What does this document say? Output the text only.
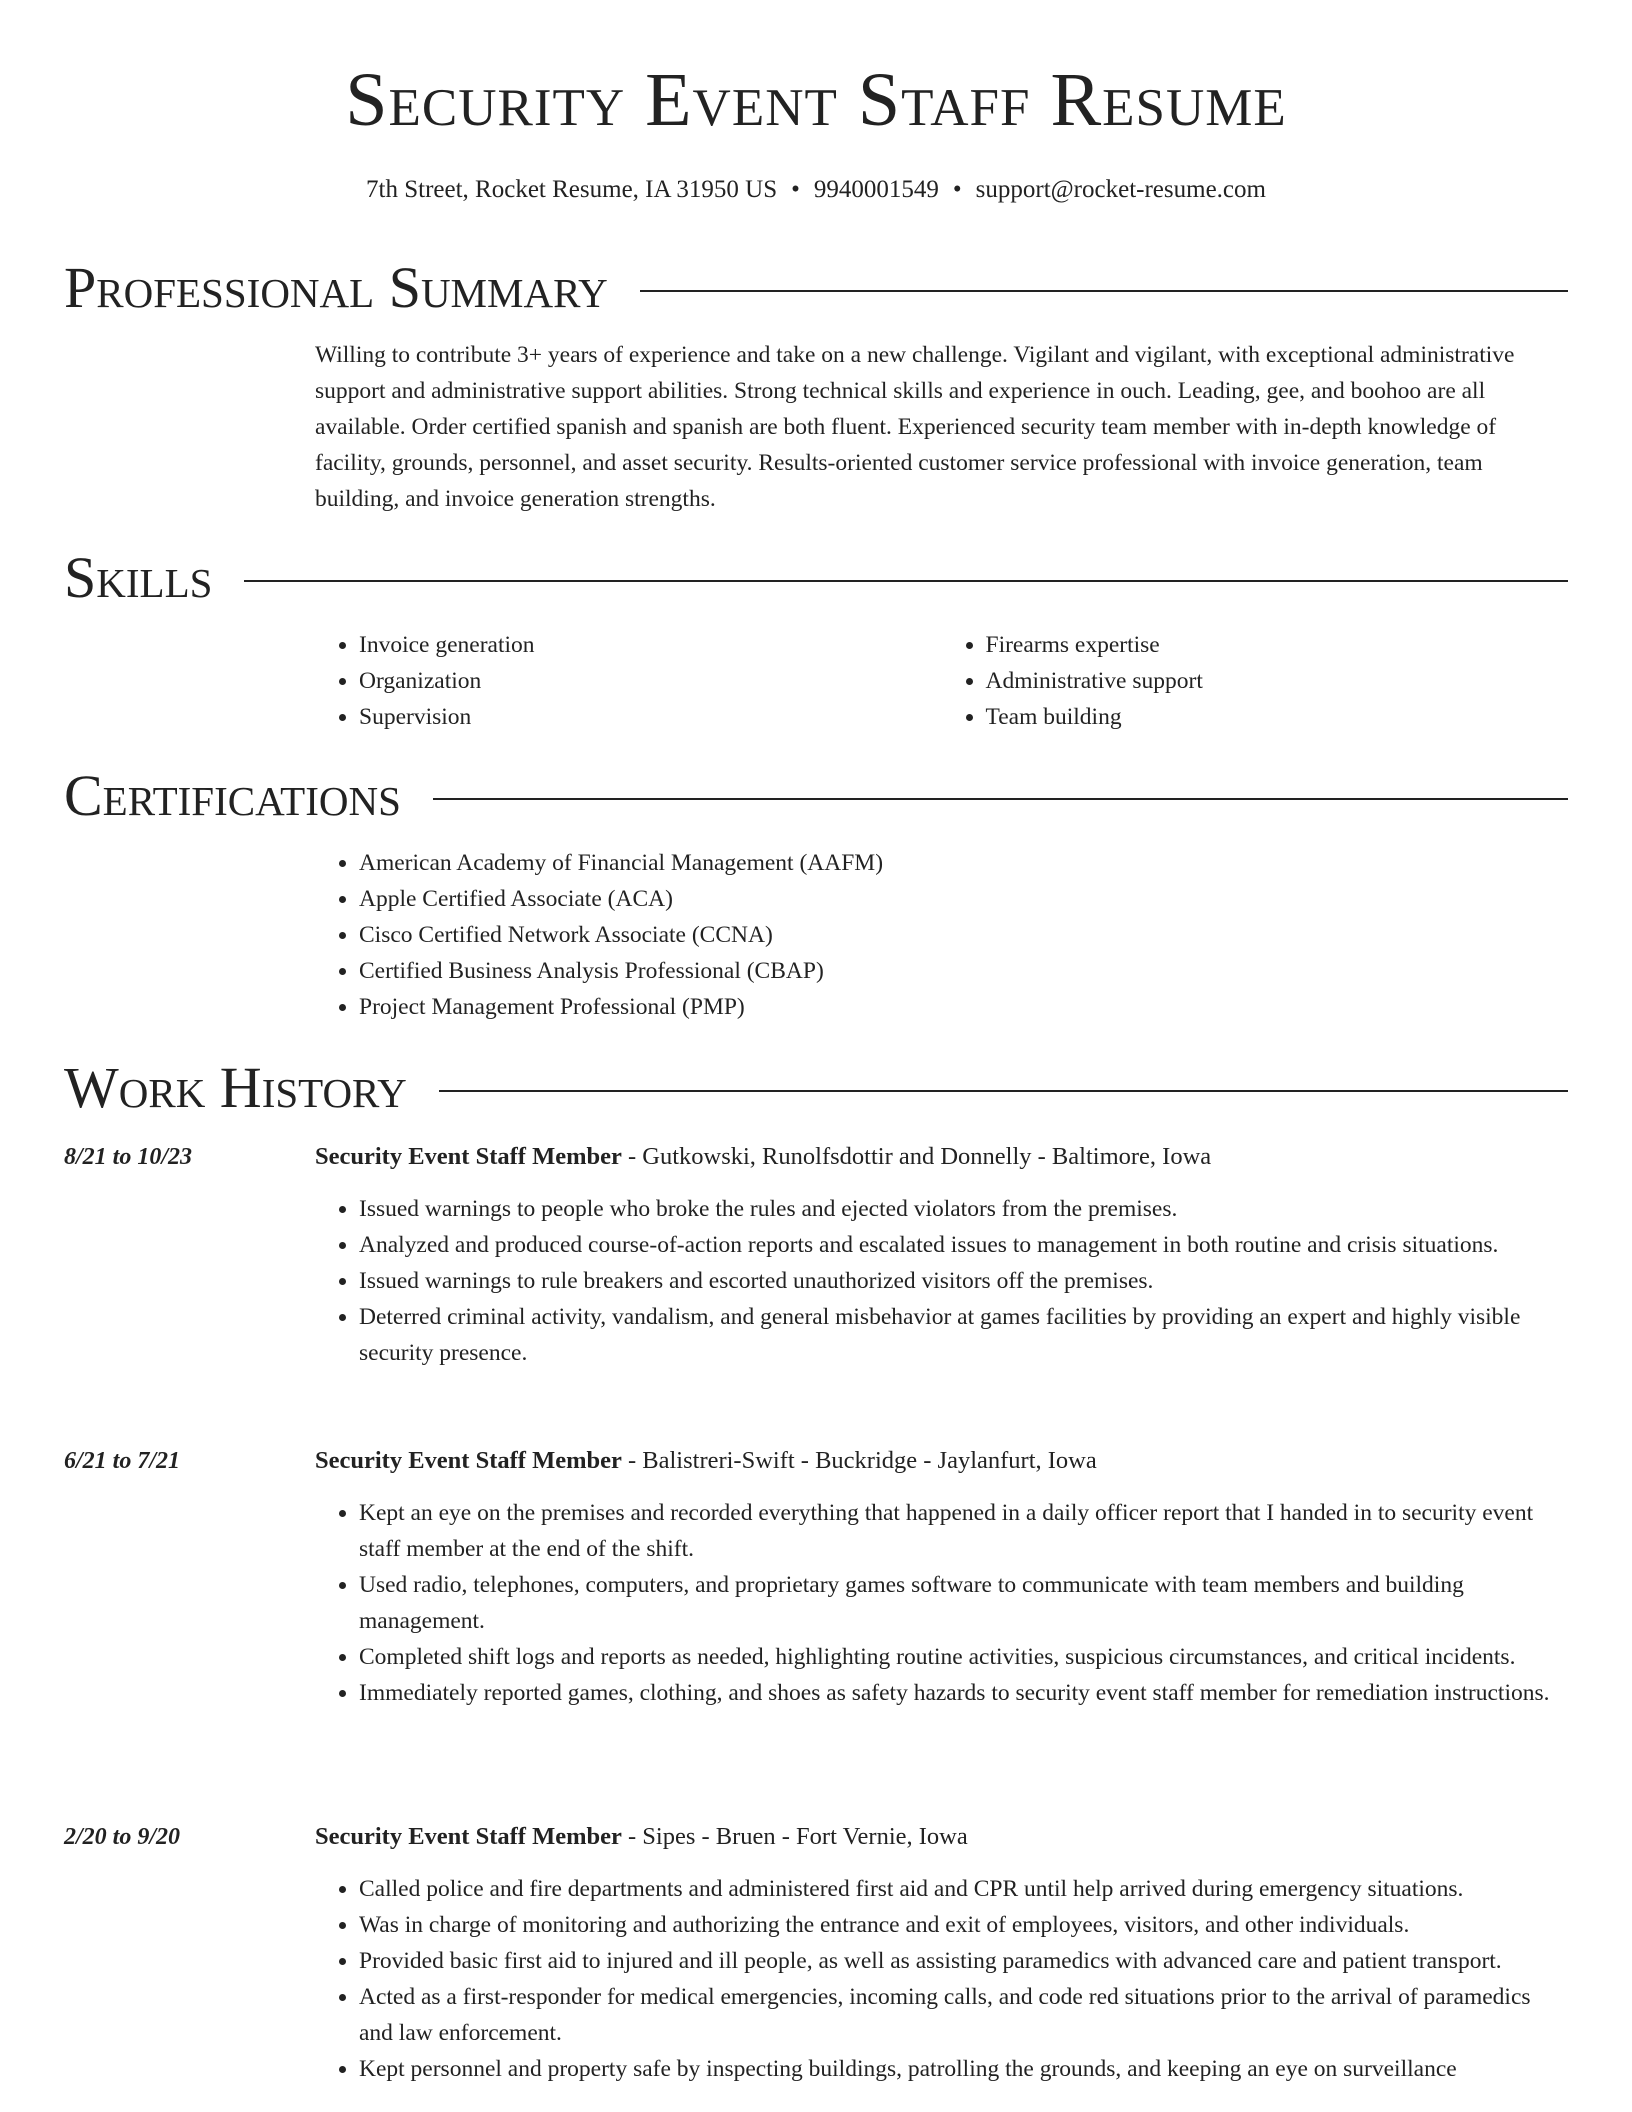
Security Event Staff Resume
7th Street, Rocket Resume, IA 31950 US • 9940001549 • support@rocket-resume.com
Professional Summary

Willing to contribute 3+ years of experience and take on a new challenge. Vigilant and vigilant, with exceptional administrative support and administrative support abilities. Strong technical skills and experience in ouch. Leading, gee, and boohoo are all available. Order certified spanish and spanish are both fluent. Experienced security team member with in-depth knowledge of facility, grounds, personnel, and asset security. Results-oriented customer service professional with invoice generation, team building, and invoice generation strengths.

Skills
• Invoice generation
• Organization
• Supervision
• Firearms expertise
• Administrative support
• Team building
Certifications
• American Academy of Financial Management (AAFM)
• Apple Certified Associate (ACA)
• Cisco Certified Network Associate (CCNA)
• Certified Business Analysis Professional (CBAP)
• Project Management Professional (PMP)
Work History
8/21 to 10/23	Security Event Staff Member - Gutkowski, Runolfsdottir and Donnelly - Baltimore, Iowa
• Issued warnings to people who broke the rules and ejected violators from the premises.
• Analyzed and produced course-of-action reports and escalated issues to management in both routine and crisis situations.
• Issued warnings to rule breakers and escorted unauthorized visitors off the premises.
• Deterred criminal activity, vandalism, and general misbehavior at games facilities by providing an expert and highly visible security presence.
6/21 to 7/21	Security Event Staff Member - Balistreri-Swift - Buckridge - Jaylanfurt, Iowa
• Kept an eye on the premises and recorded everything that happened in a daily officer report that I handed in to security event staff member at the end of the shift.
• Used radio, telephones, computers, and proprietary games software to communicate with team members and building management.
• Completed shift logs and reports as needed, highlighting routine activities, suspicious circumstances, and critical incidents.
• Immediately reported games, clothing, and shoes as safety hazards to security event staff member for remediation instructions.
2/20 to 9/20	Security Event Staff Member - Sipes - Bruen - Fort Vernie, Iowa
• Called police and fire departments and administered first aid and CPR until help arrived during emergency situations.
• Was in charge of monitoring and authorizing the entrance and exit of employees, visitors, and other individuals.
• Provided basic first aid to injured and ill people, as well as assisting paramedics with advanced care and patient transport.
• Acted as a first-responder for medical emergencies, incoming calls, and code red situations prior to the arrival of paramedics and law enforcement.
• Kept personnel and property safe by inspecting buildings, patrolling the grounds, and keeping an eye on surveillance
